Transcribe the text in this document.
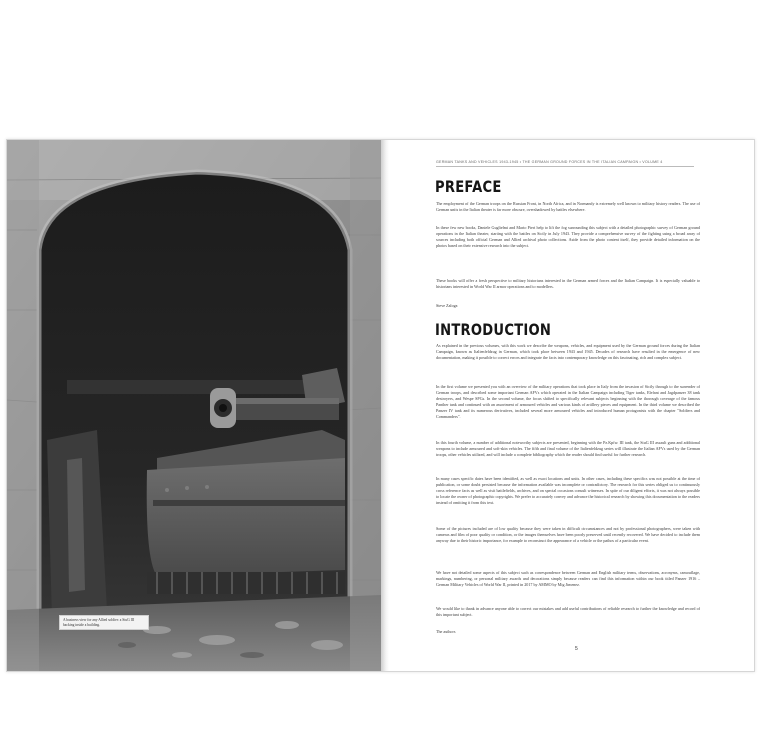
A business view for any Allied soldier: a StuG III backing inside a building.
GERMAN TANKS AND VEHICLES 1943-1945 • THE GERMAN GROUND FORCES IN THE ITALIAN CAMPAIGN • VOLUME 4
PREFACE

The employment of the German troops on the Russian Front, in North Africa, and in Normandy is extremely well known to military history readers. The use of German units in the Italian theater is far more obscure, overshadowed by battles elsewhere.

In these few new books, Daniele Guglielmi and Mario Pieri help to lift the fog surrounding this subject with a detailed photographic survey of German ground operations in the Italian theater, starting with the battles on Sicily in July 1943. They provide a comprehensive survey of the fighting using a broad array of sources including both official German and Allied archival photo collections. Aside from the photo content itself, they provide detailed information on the photos based on their extensive research into the subject.

These books will offer a fresh perspective to military historians interested in the German armed forces and the Italian Campaign. It is especially valuable to historians interested in World War II armor operations and to modellers.

Steve Zaloga
INTRODUCTION

As explained in the previous volumes, with this work we describe the weapons, vehicles, and equipment used by the German ground forces during the Italian Campaign, known as Italienfeldzug in German, which took place between 1943 and 1945. Decades of research have resulted in the emergence of new documentation, making it possible to correct errors and integrate the facts into contemporary knowledge on this fascinating, rich and complex subject.

In the first volume we presented you with an overview of the military operations that took place in Italy from the invasion of Sicily through to the surrender of German troops, and described some important German AFVs which operated in the Italian Campaign including Tiger tanks, Elefant and Jagdpanzer 38 tank destroyers, and Wespe SPGs. In the second volume, the focus shifted to specifically relevant subjects beginning with the thorough coverage of the famous Panther tank and continued with an assortment of armoured vehicles and various kinds of artillery pieces and equipment. In the third volume we described the Panzer IV tank and its numerous derivatives, included several more armoured vehicles and introduced human protagonists with the chapter "Soldiers and Commanders".

In this fourth volume, a number of additional noteworthy subjects are presented, beginning with the Pz.Kpfw. III tank, the StuG III assault guns and additional weapons to include armoured and soft-skin vehicles. The fifth and final volume of the Italienfeldzug series will illustrate the Italian AFVs used by the German troops, other vehicles utilized, and will include a complete bibliography which the reader should find useful for further research.

In many cases specific dates have been identified, as well as exact locations and units. In other cases, including these specifics was not possible at the time of publication, or some doubt persisted because the information available was incomplete or contradictory. The research for this series obliged us to continuously cross reference facts as well as visit battlefields, archives, and on special occasions consult witnesses. In spite of our diligent efforts, it was not always possible to locate the owner of photographic copyrights. We prefer to accurately convey and advance the historical research by showing this documentation to the readers instead of omitting it from this text.

Some of the pictures included are of low quality because they were taken in difficult circumstances and not by professional photographers, were taken with cameras and film of poor quality or condition, or the images themselves have been poorly preserved until recently recovered. We have decided to include them anyway due to their historic importance, for example to reconstruct the appearance of a vehicle or the pathos of a particular event.

We have not detailed some aspects of this subject such as correspondence between German and English military terms, observations, acronyms, camouflage, markings, numbering, or personal military awards and decorations simply because readers can find this information within our book titled Panzer 1916 – German Military Vehicles of World War II, printed in 2017 by AMMO by Mig Jimenez.

We would like to thank in advance anyone able to correct our mistakes and add useful contributions of reliable research to further the knowledge and record of this important subject.

The authors
5
